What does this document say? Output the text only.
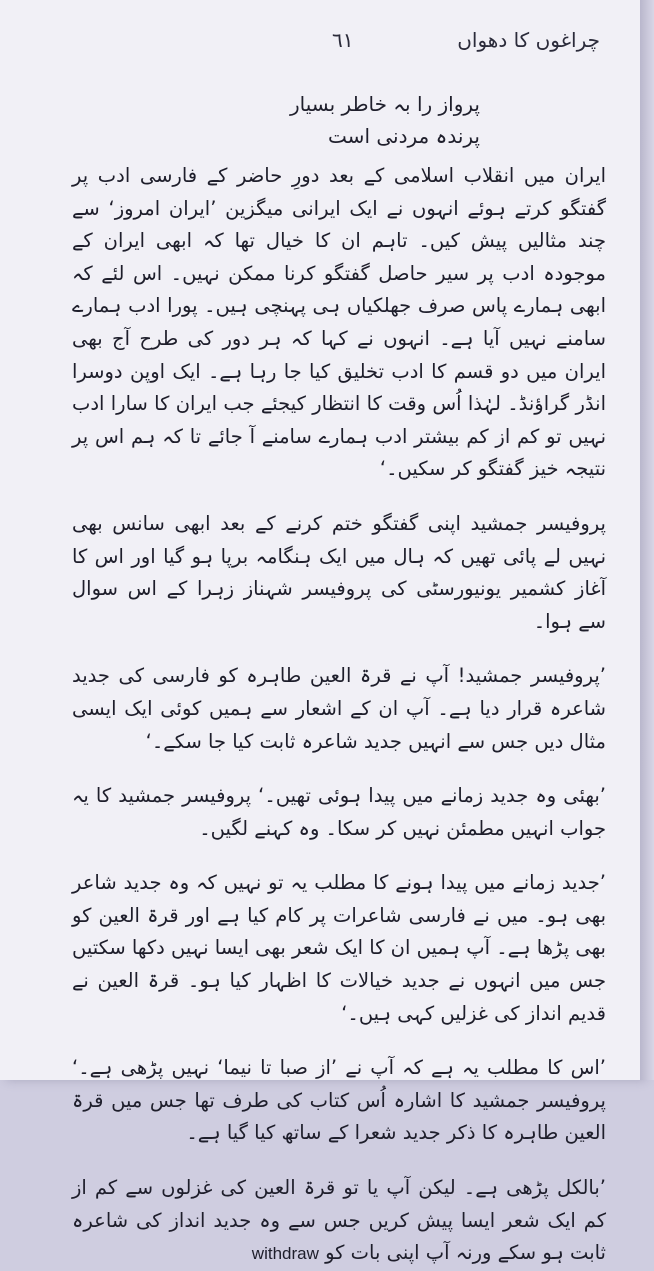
چراغوں کا دھواں
٦١
پرواز را بہ خاطر بسیار
پرندہ مردنی است

ایران میں انقلاب اسلامی کے بعد دورِ حاضر کے فارسی ادب پر گفتگو کرتے ہوئے انہوں نے ایک ایرانی میگزین ’ایران امروز‘ سے چند مثالیں پیش کیں۔ تاہم ان کا خیال تھا کہ ابھی ایران کے موجودہ ادب پر سیر حاصل گفتگو کرنا ممکن نہیں۔ اس لئے کہ ابھی ہمارے پاس صرف جھلکیاں ہی پہنچی ہیں۔ پورا ادب ہمارے سامنے نہیں آیا ہے۔ انہوں نے کہا کہ ہر دور کی طرح آج بھی ایران میں دو قسم کا ادب تخلیق کیا جا رہا ہے۔ ایک اوپن دوسرا انڈر گراؤنڈ۔ لہٰذا اُس وقت کا انتظار کیجئے جب ایران کا سارا ادب نہیں تو کم از کم بیشتر ادب ہمارے سامنے آ جائے تا کہ ہم اس پر نتیجہ خیز گفتگو کر سکیں۔‘

پروفیسر جمشید اپنی گفتگو ختم کرنے کے بعد ابھی سانس بھی نہیں لے پائی تھیں کہ ہال میں ایک ہنگامہ برپا ہو گیا اور اس کا آغاز کشمیر یونیورسٹی کی پروفیسر شہناز زہرا کے اس سوال سے ہوا۔

’پروفیسر جمشید! آپ نے قرۃ العین طاہرہ کو فارسی کی جدید شاعرہ قرار دیا ہے۔ آپ ان کے اشعار سے ہمیں کوئی ایک ایسی مثال دیں جس سے انہیں جدید شاعرہ ثابت کیا جا سکے۔‘

’بھئی وہ جدید زمانے میں پیدا ہوئی تھیں۔‘ پروفیسر جمشید کا یہ جواب انہیں مطمئن نہیں کر سکا۔ وہ کہنے لگیں۔

’جدید زمانے میں پیدا ہونے کا مطلب یہ تو نہیں کہ وہ جدید شاعر بھی ہو۔ میں نے فارسی شاعرات پر کام کیا ہے اور قرۃ العین کو بھی پڑھا ہے۔ آپ ہمیں ان کا ایک شعر بھی ایسا نہیں دکھا سکتیں جس میں انہوں نے جدید خیالات کا اظہار کیا ہو۔ قرۃ العین نے قدیم انداز کی غزلیں کہی ہیں۔‘

’اس کا مطلب یہ ہے کہ آپ نے ’از صبا تا نیما‘ نہیں پڑھی ہے۔‘ پروفیسر جمشید کا اشارہ اُس کتاب کی طرف تھا جس میں قرۃ العین طاہرہ کا ذکر جدید شعرا کے ساتھ کیا گیا ہے۔

’بالکل پڑھی ہے۔ لیکن آپ یا تو قرۃ العین کی غزلوں سے کم از کم ایک شعر ایسا پیش کریں جس سے وہ جدید انداز کی شاعرہ ثابت ہو سکے ورنہ آپ اپنی بات کو withdraw
